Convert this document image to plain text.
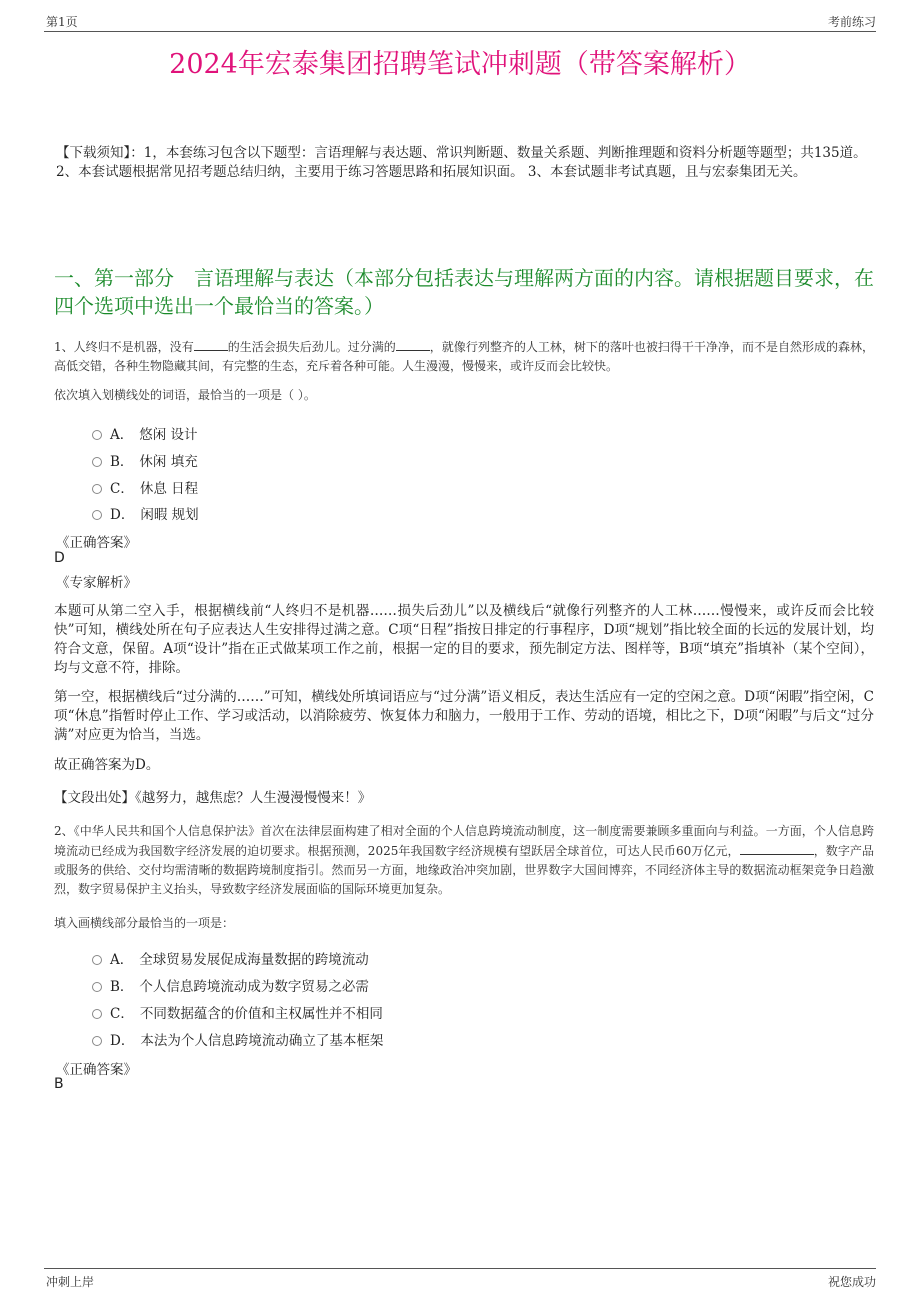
第1页	考前练习
2024年宏泰集团招聘笔试冲刺题（带答案解析）
【下载须知】：1，本套练习包含以下题型：言语理解与表达题、常识判断题、数量关系题、判断推理题和资料分析题等题型；共135道。 2、本套试题根据常见招考题总结归纳，主要用于练习答题思路和拓展知识面。 3、本套试题非考试真题，且与宏泰集团无关。
一、第一部分　言语理解与表达（本部分包括表达与理解两方面的内容。请根据题目要求，在四个选项中选出一个最恰当的答案。）
1、人终归不是机器，没有	的生活会损失后劲儿。过分满的	，就像行列整齐的人工林，树下的落叶也被扫得干干净净，而不是自然形成的森林，高低交错，各种生物隐藏其间，有完整的生态，充斥着各种可能。人生漫漫，慢慢来，或许反而会比较快。
依次填入划横线处的词语，最恰当的一项是（ ）。
A． 悠闲 设计
B． 休闲 填充
C． 休息 日程
D． 闲暇 规划
《正确答案》
D
《专家解析》
本题可从第二空入手，根据横线前“人终归不是机器……损失后劲儿”以及横线后“就像行列整齐的人工林……慢慢来，或许反而会比较快”可知，横线处所在句子应表达人生安排得过满之意。C项“日程”指按日排定的行事程序，D项“规划”指比较全面的长远的发展计划，均符合文意，保留。A项“设计”指在正式做某项工作之前，根据一定的目的要求，预先制定方法、图样等，B项“填充”指填补（某个空间），均与文意不符，排除。
第一空，根据横线后“过分满的……”可知，横线处所填词语应与“过分满”语义相反，表达生活应有一定的空闲之意。D项“闲暇”指空闲，C项“休息”指暂时停止工作、学习或活动，以消除疲劳、恢复体力和脑力，一般用于工作、劳动的语境，相比之下，D项“闲暇”与后文“过分满”对应更为恰当，当选。
故正确答案为D。
【文段出处】《越努力，越焦虑？人生漫漫慢慢来！》
2、《中华人民共和国个人信息保护法》首次在法律层面构建了相对全面的个人信息跨境流动制度，这一制度需要兼顾多重面向与利益。一方面，个人信息跨境流动已经成为我国数字经济发展的迫切要求。根据预测，2025年我国数字经济规模有望跃居全球首位，可达人民币60万亿元，	，数字产品或服务的供给、交付均需清晰的数据跨境制度指引。然而另一方面，地缘政治冲突加剧，世界数字大国间博弈，不同经济体主导的数据流动框架竞争日趋激烈，数字贸易保护主义抬头，导致数字经济发展面临的国际环境更加复杂。
填入画横线部分最恰当的一项是：
A． 全球贸易发展促成海量数据的跨境流动
B． 个人信息跨境流动成为数字贸易之必需
C． 不同数据蕴含的价值和主权属性并不相同
D． 本法为个人信息跨境流动确立了基本框架
《正确答案》
B
冲刺上岸	祝您成功
